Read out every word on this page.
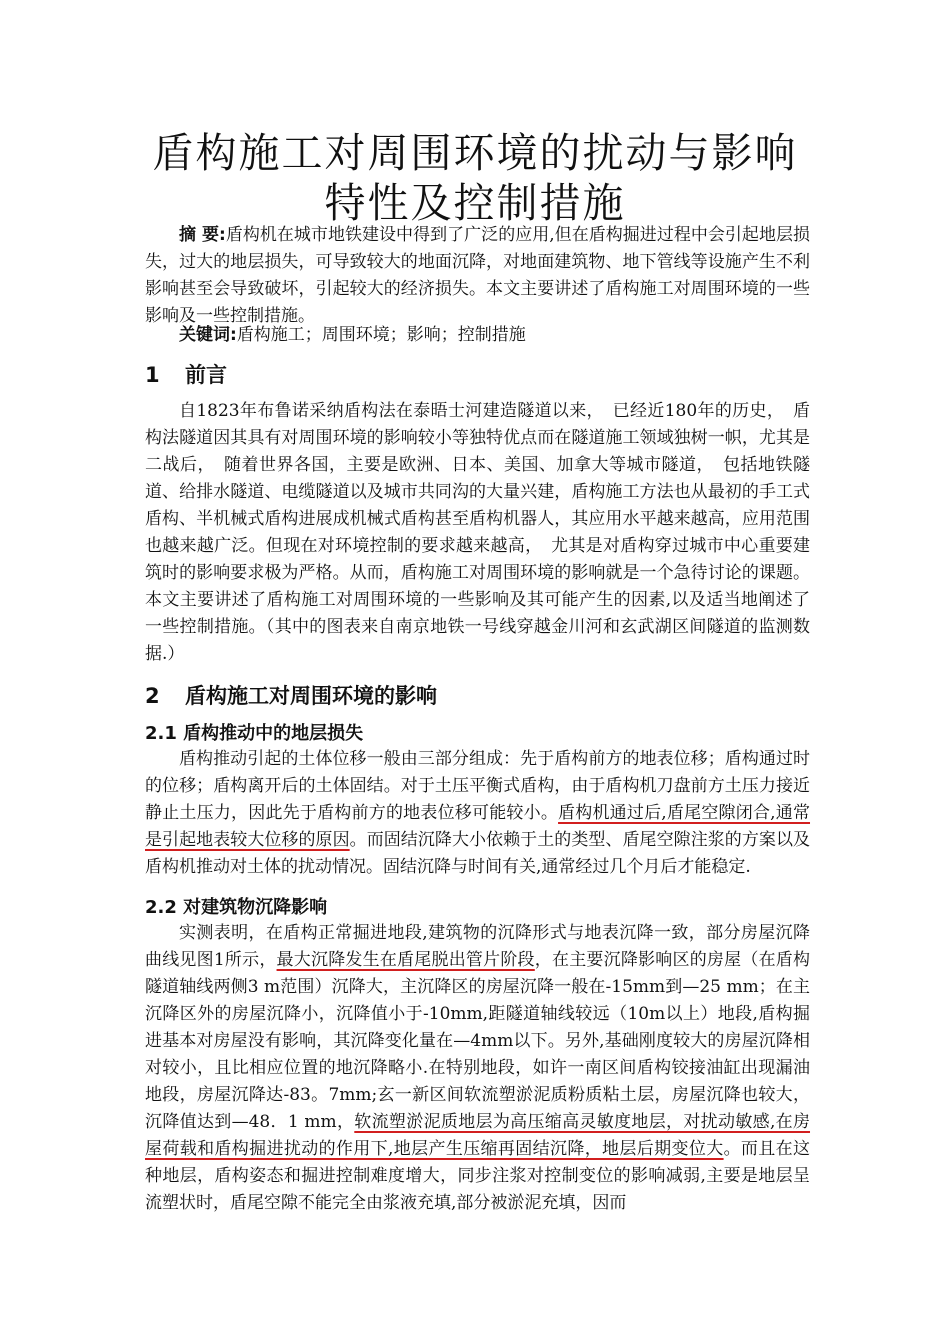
盾构施工对周围环境的扰动与影响
特性及控制措施
摘 要:盾构机在城市地铁建设中得到了广泛的应用,但在盾构掘进过程中会引起地层损失，过大的地层损失，可导致较大的地面沉降，对地面建筑物、地下管线等设施产生不利影响甚至会导致破坏，引起较大的经济损失。本文主要讲述了盾构施工对周围环境的一些影响及一些控制措施。
关键词:盾构施工；周围环境；影响；控制措施
1 前言
自1823年布鲁诺采纳盾构法在泰晤士河建造隧道以来，　已经近180年的历史，　盾构法隧道因其具有对周围环境的影响较小等独特优点而在隧道施工领域独树一帜，尤其是二战后，　随着世界各国，主要是欧洲、日本、美国、加拿大等城市隧道，　包括地铁隧道、给排水隧道、电缆隧道以及城市共同沟的大量兴建，盾构施工方法也从最初的手工式盾构、半机械式盾构进展成机械式盾构甚至盾构机器人，其应用水平越来越高，应用范围也越来越广泛。但现在对环境控制的要求越来越高，　尤其是对盾构穿过城市中心重要建筑时的影响要求极为严格。从而，盾构施工对周围环境的影响就是一个急待讨论的课题。本文主要讲述了盾构施工对周围环境的一些影响及其可能产生的因素,以及适当地阐述了一些控制措施。（其中的图表来自南京地铁一号线穿越金川河和玄武湖区间隧道的监测数据.）
2 盾构施工对周围环境的影响
2.1 盾构推动中的地层损失
盾构推动引起的土体位移一般由三部分组成：先于盾构前方的地表位移；盾构通过时的位移；盾构离开后的土体固结。对于土压平衡式盾构，由于盾构机刀盘前方土压力接近静止土压力，因此先于盾构前方的地表位移可能较小。盾构机通过后,盾尾空隙闭合,通常是引起地表较大位移的原因。而固结沉降大小依赖于土的类型、盾尾空隙注浆的方案以及盾构机推动对土体的扰动情况。固结沉降与时间有关,通常经过几个月后才能稳定.
2.2 对建筑物沉降影响
实测表明，在盾构正常掘进地段,建筑物的沉降形式与地表沉降一致，部分房屋沉降曲线见图1所示，最大沉降发生在盾尾脱出管片阶段，在主要沉降影响区的房屋（在盾构隧道轴线两侧3 m范围）沉降大，主沉降区的房屋沉降一般在-15mm到—25 mm；在主沉降区外的房屋沉降小，沉降值小于-10mm,距隧道轴线较远（10m以上）地段,盾构掘进基本对房屋没有影响，其沉降变化量在—4mm以下。另外,基础刚度较大的房屋沉降相对较小，且比相应位置的地沉降略小.在特别地段，如许一南区间盾构铰接油缸出现漏油地段，房屋沉降达-83。7mm;玄一新区间软流塑淤泥质粉质粘土层，房屋沉降也较大，沉降值达到—48．1 mm，软流塑淤泥质地层为高压缩高灵敏度地层，对扰动敏感,在房屋荷载和盾构掘进扰动的作用下,地层产生压缩再固结沉降，地层后期变位大。而且在这种地层，盾构姿态和掘进控制难度增大，同步注浆对控制变位的影响减弱,主要是地层呈流塑状时，盾尾空隙不能完全由浆液充填,部分被淤泥充填，因而
